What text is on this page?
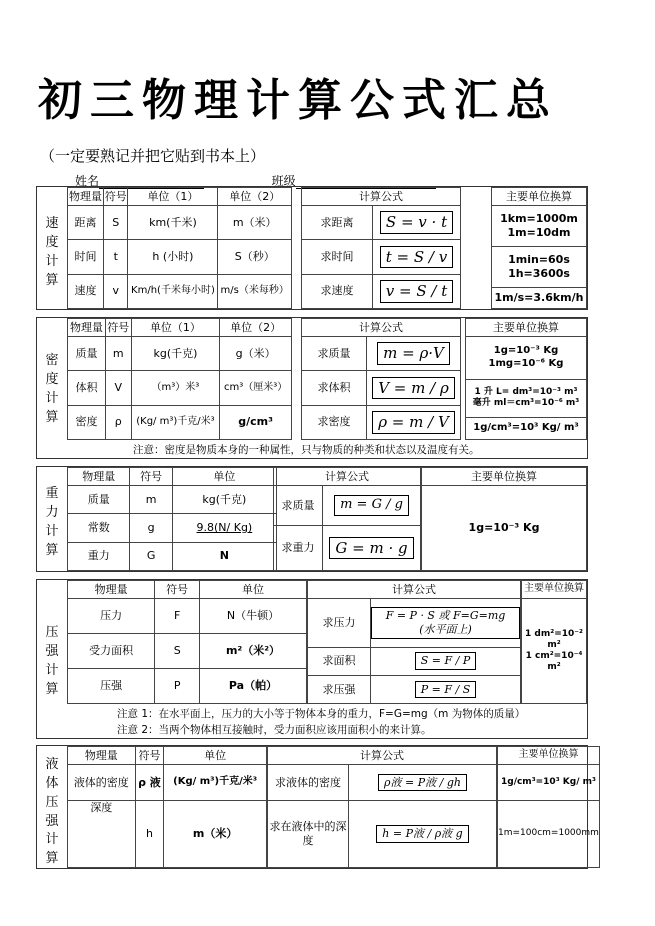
初三物理计算公式汇总
（一定要熟记并把它贴到书本上）
姓名	班级
速度计算
物理量	符号	单位（1）	单位（2）
距离	S	km(千米)	m（米）
时间	t	h (小时)	S（秒）
速度	v	Km/h(千米每小时)	m/s（米每秒）
计算公式	
求距离	S = v · t
求时间	t = S / v
求速度	v = S / t
主要单位换算

1km=1000m
1m=10dm

1min=60s
1h=3600s

1m/s=3.6km/h
密度计算
物理量	符号	单位（1）	单位（2）
质量	m	kg(千克)	g（米）
体积	V	（m³）米³	cm³（厘米³）
密度	ρ	(Kg/ m³)千克/米³	g/cm³
计算公式	
求质量	m = ρ·V
求体积	V = m / ρ
求密度	ρ = m / V
主要单位换算

1g=10⁻³ Kg
1mg=10⁻⁶ Kg

1 升 L= dm³=10⁻³ m³
毫升 ml＝cm³=10⁻⁶ m³

1g/cm³=10³ Kg/ m³
注意：密度是物质本身的一种属性，只与物质的种类和状态以及温度有关。
重力计算
物理量	符号	单位
质量	m	kg(千克)
常数	g	9.8(N/ Kg)
重力	G	N
计算公式	
求质量	m = G / g
求重力	G = m · g
主要单位换算
1g=10⁻³ Kg
压强计算
物理量	符号	单位
压力	F	N（牛顿）
受力面积	S	m²（米²）
压强	P	Pa（帕）
计算公式	
求压力	F = P · S 或 F=G=mg (水平面上)
求面积	S = F / P
求压强	P = F / S
主要单位换算

1 dm²=10⁻² m²
1 cm²=10⁻⁴ m²
注意 1：在水平面上，压力的大小等于物体本身的重力，F=G=mg（m 为物体的质量）
注意 2：当两个物体相互接触时，受力面积应该用面积小的来计算。
液体压强计算
物理量	符号	单位
液体的密度	ρ 液	(Kg/ m³)千克/米³
深度	h	m（米）
计算公式	
求液体的密度	ρ液 = P液 / gh
求在液体中的深度	h = P液 / ρ液 g
主要单位换算
1g/cm³=10³ Kg/ m³
1m=100cm=1000mm
